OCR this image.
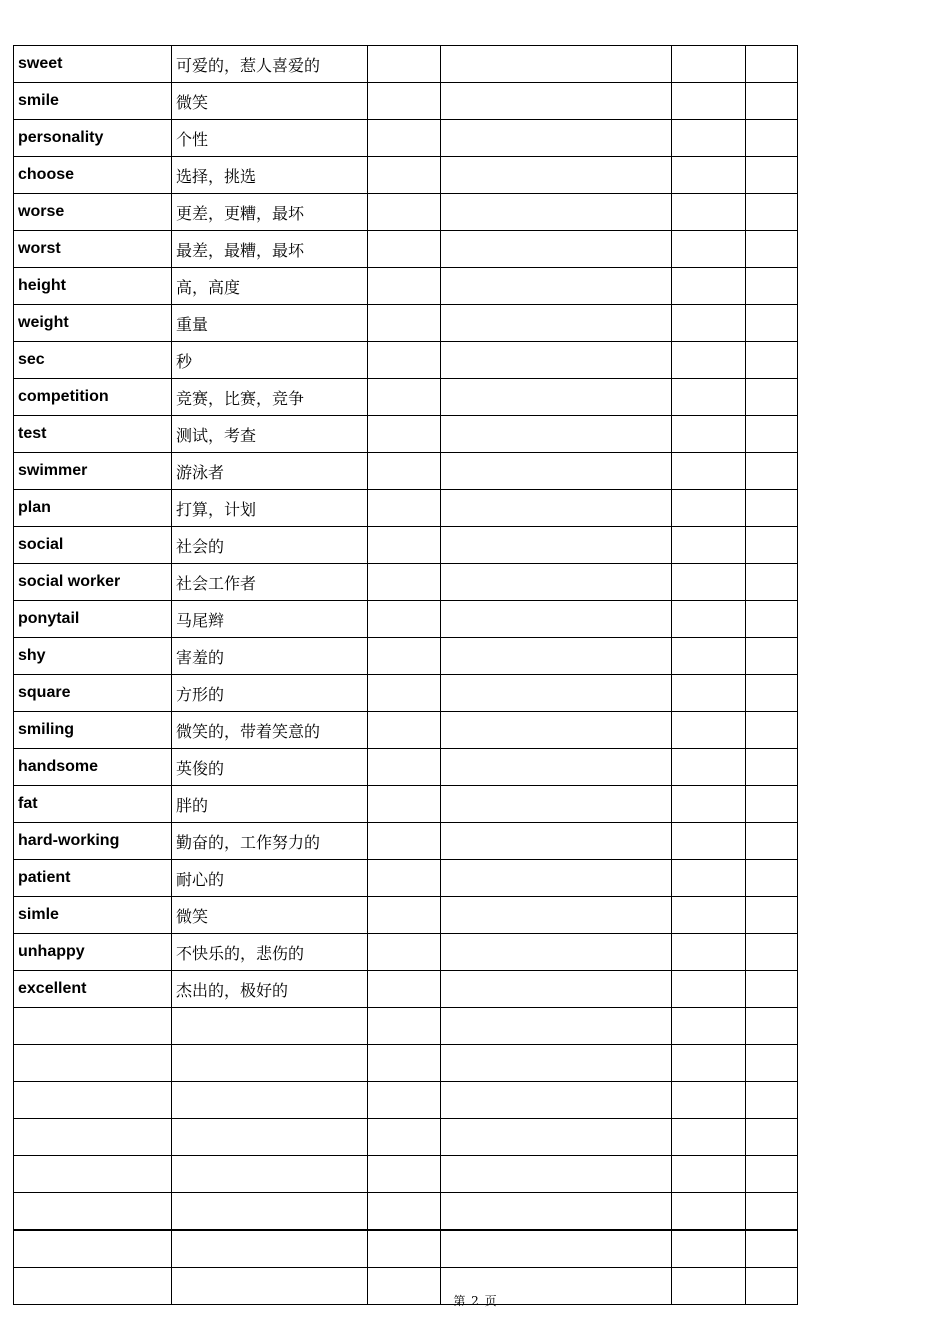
sweet	可爱的，惹人喜爱的				
smile	微笑				
personality	个性				
choose	选择，挑选				
worse	更差，更糟，最坏				
worst	最差，最糟，最坏				
height	高，高度				
weight	重量				
sec	秒				
competition	竞赛，比赛，竞争				
test	测试，考查				
swimmer	游泳者				
plan	打算，计划				
social	社会的				
social worker	社会工作者				
ponytail	马尾辫				
shy	害羞的				
square	方形的				
smiling	微笑的，带着笑意的				
handsome	英俊的				
fat	胖的				
hard-working	勤奋的，工作努力的				
patient	耐心的				
simle	微笑				
unhappy	不快乐的，悲伤的				
excellent	杰出的，极好的				

第 2 页
